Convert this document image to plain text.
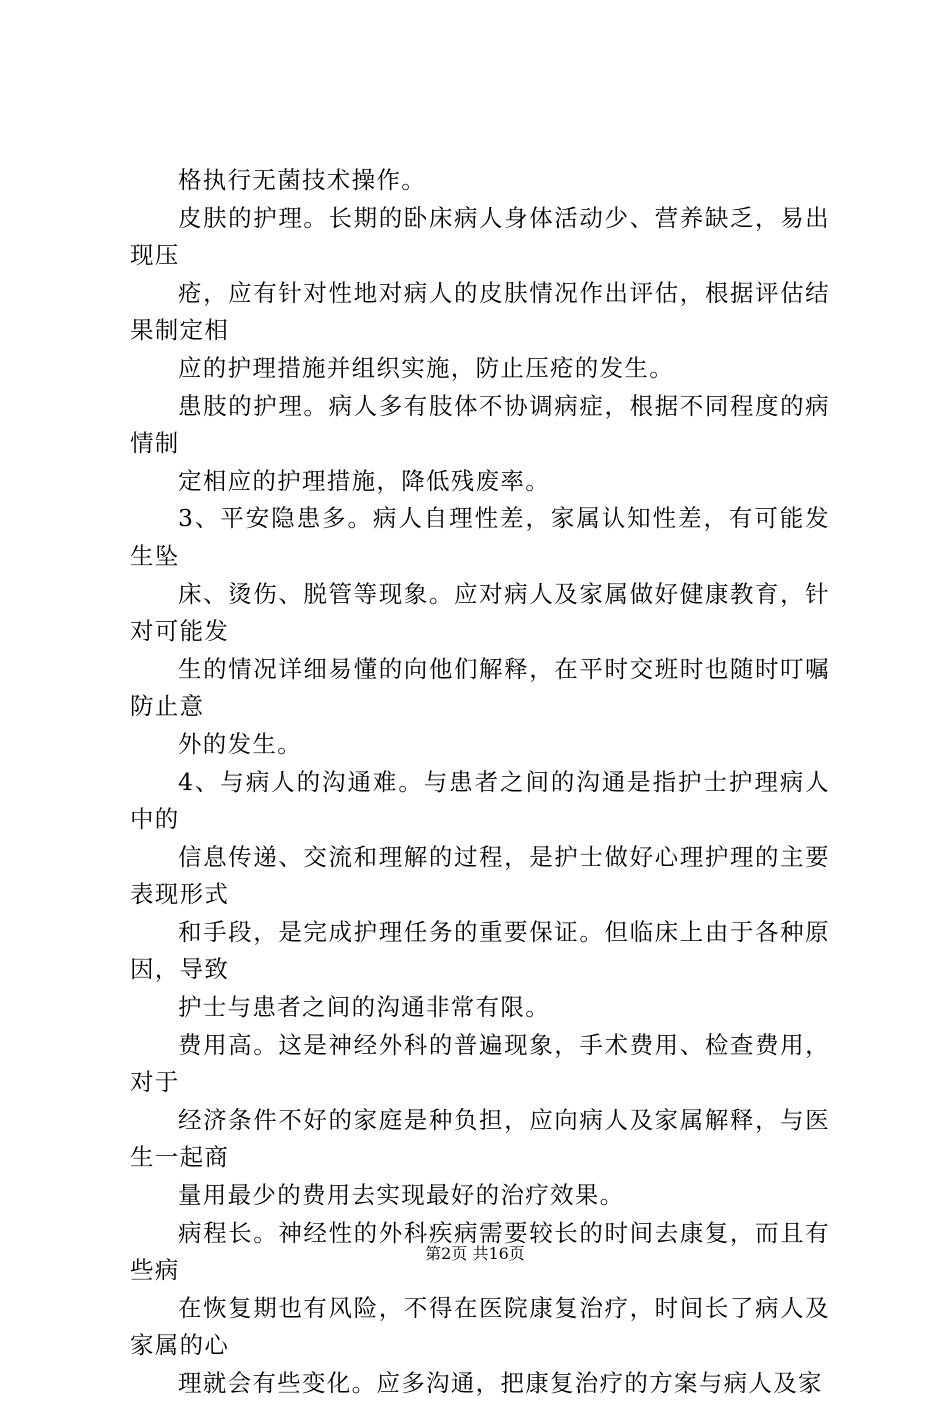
格执行无菌技术操作。

皮肤的护理。长期的卧床病人身体活动少、营养缺乏，易出现压

疮，应有针对性地对病人的皮肤情况作出评估，根据评估结果制定相

应的护理措施并组织实施，防止压疮的发生。

患肢的护理。病人多有肢体不协调病症，根据不同程度的病情制

定相应的护理措施，降低残废率。

3、平安隐患多。病人自理性差，家属认知性差，有可能发生坠

床、烫伤、脱管等现象。应对病人及家属做好健康教育，针对可能发

生的情况详细易懂的向他们解释，在平时交班时也随时叮嘱防止意

外的发生。

4、与病人的沟通难。与患者之间的沟通是指护士护理病人中的

信息传递、交流和理解的过程，是护士做好心理护理的主要表现形式

和手段，是完成护理任务的重要保证。但临床上由于各种原因，导致

护士与患者之间的沟通非常有限。

费用高。这是神经外科的普遍现象，手术费用、检查费用，对于

经济条件不好的家庭是种负担，应向病人及家属解释，与医生一起商

量用最少的费用去实现最好的治疗效果。

病程长。神经性的外科疾病需要较长的时间去康复，而且有些病

在恢复期也有风险，不得在医院康复治疗，时间长了病人及家属的心

理就会有些变化。应多沟通，把康复治疗的方案与病人及家

第2页 共16页
